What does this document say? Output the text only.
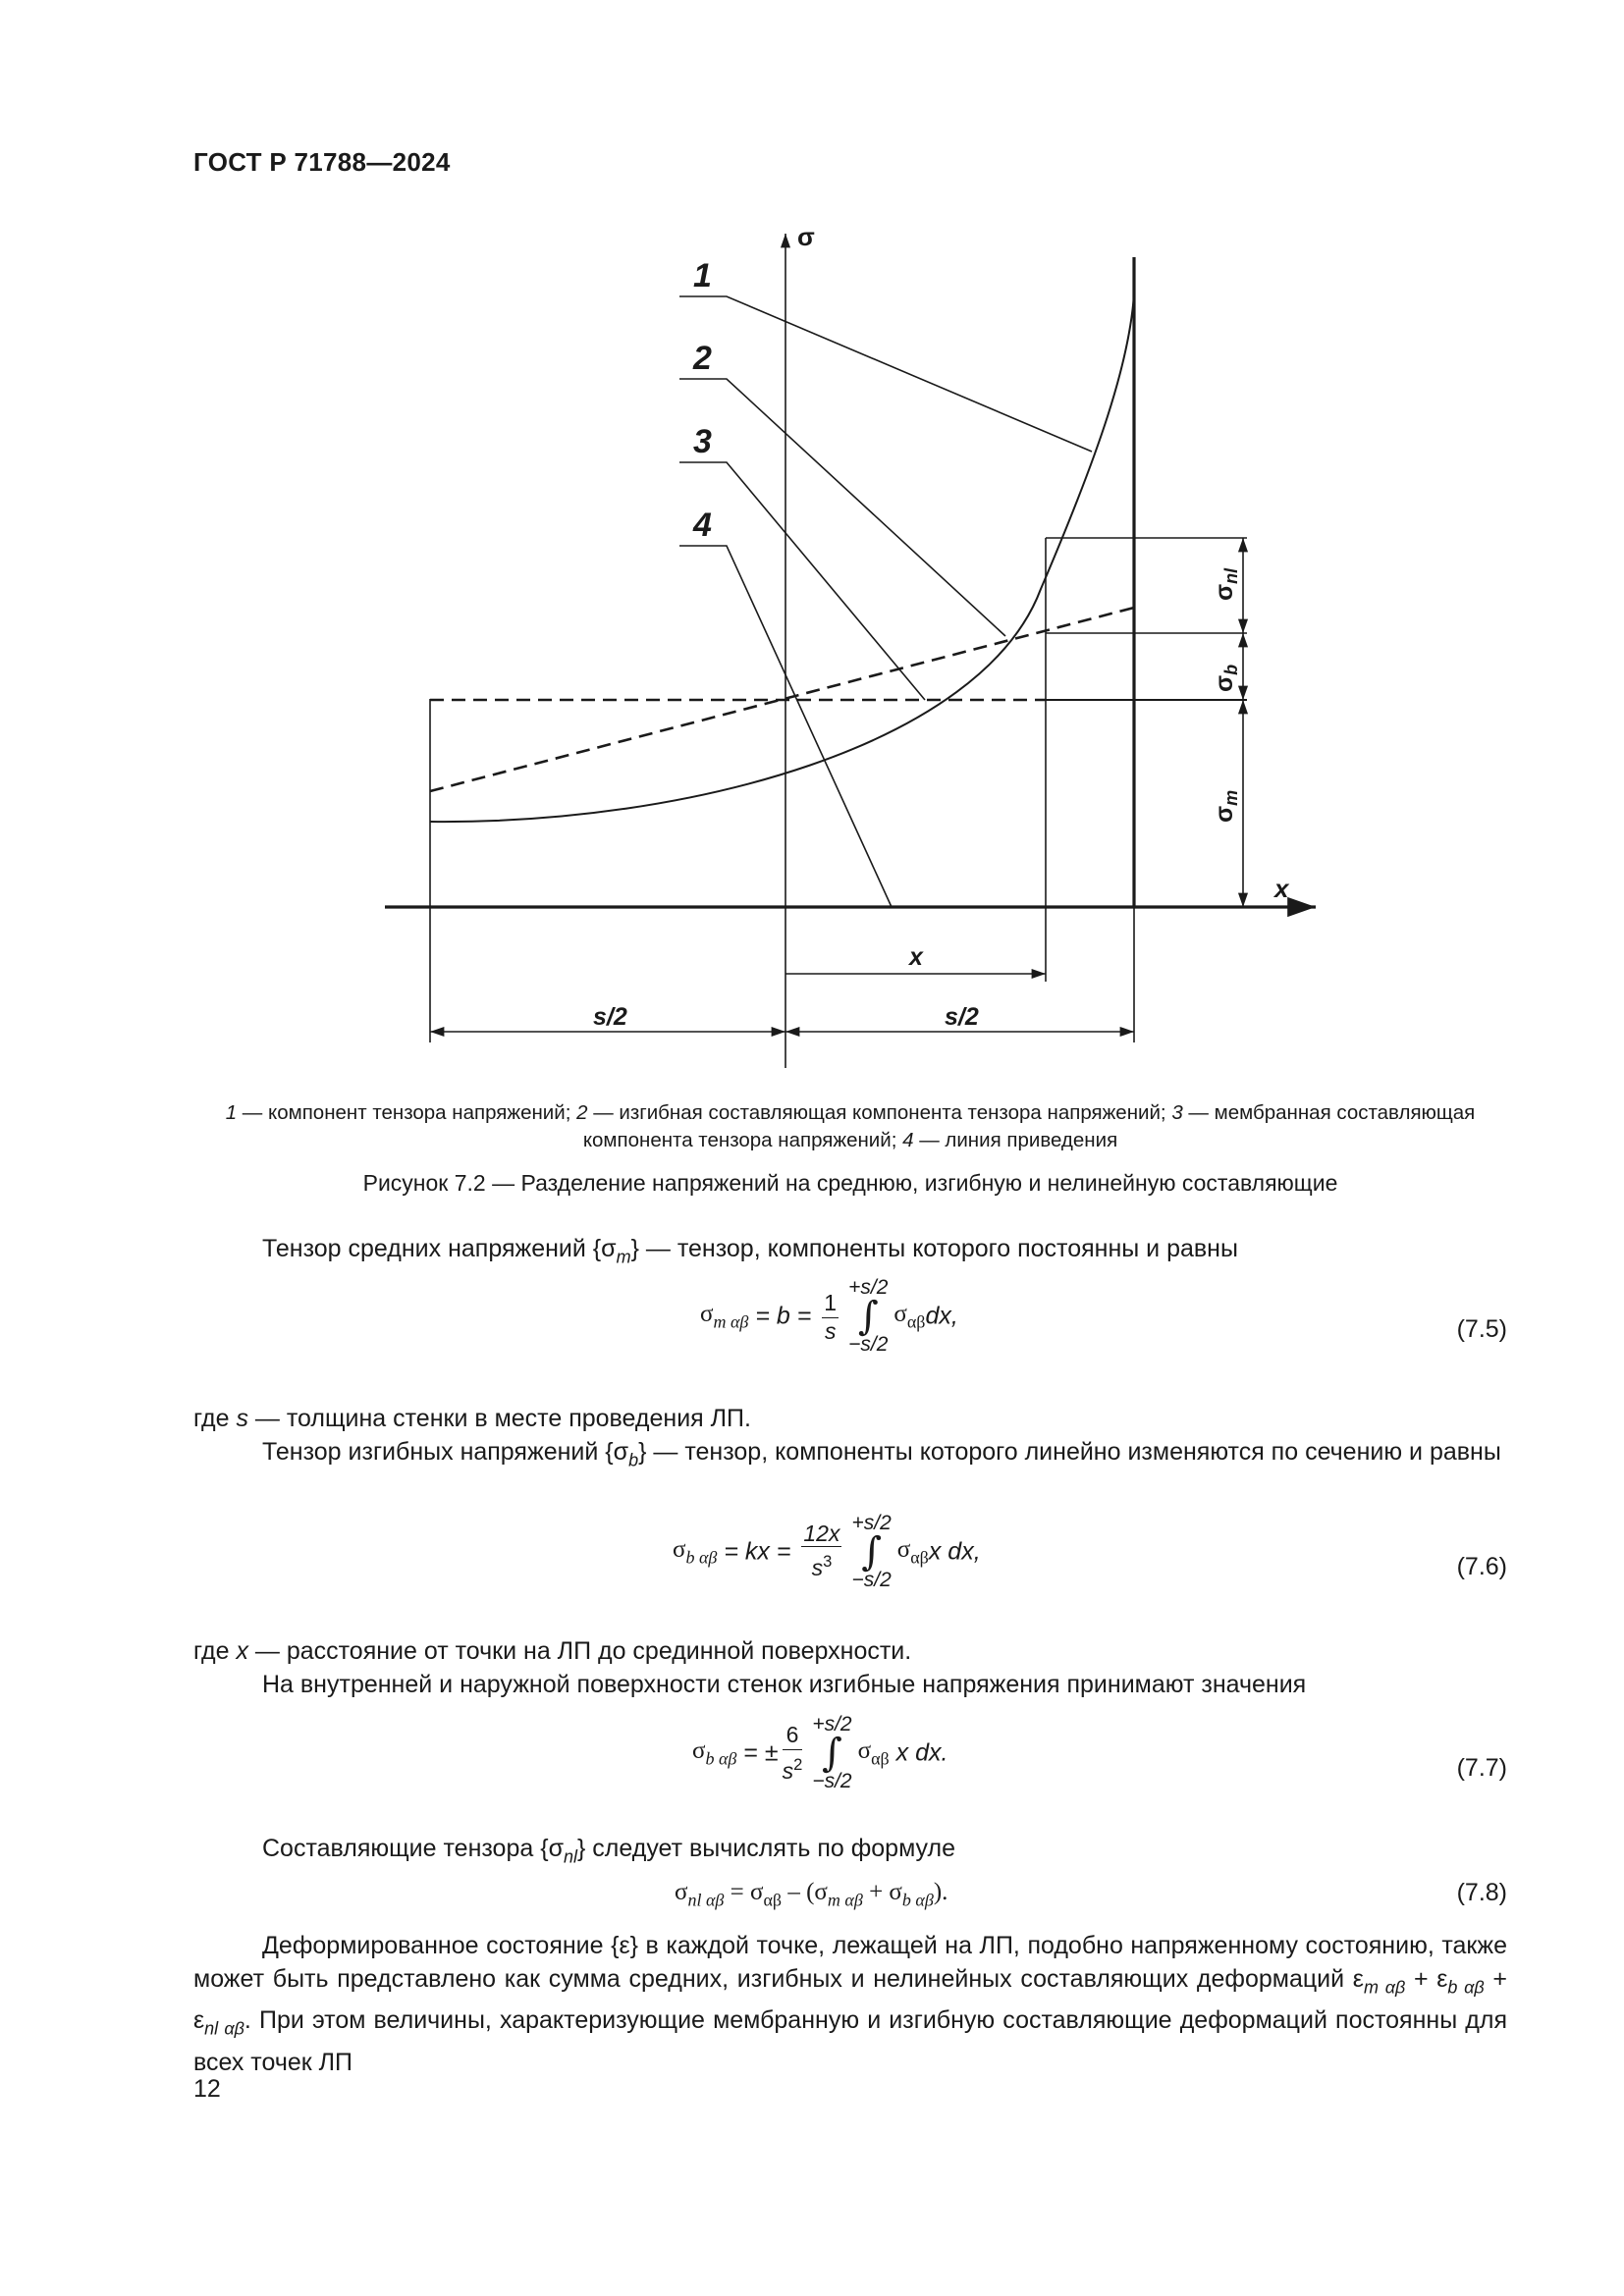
ГОСТ Р 71788—2024
σ
x
1
2
3
4
x
s/2	s/2
$\sigma_{nl}$
$\sigma_b$
$\sigma_m$
1 — компонент тензора напряжений; 2 — изгибная составляющая компонента тензора напряжений; 3 — мембранная составляющая компонента тензора напряжений; 4 — линия приведения
Рисунок 7.2 — Разделение напряжений на среднюю, изгибную и нелинейную составляющие
Тензор средних напряжений $\{\sigma_m\}$ — тензор, компоненты которого постоянны и равны
$\sigma_{m \alpha\beta} = b = \frac{1}{s}$
+s/2
∫
−s/2
$\sigma_{\alpha\beta}dx$,	(7.5)
где s — толщина стенки в месте проведения ЛП.
Тензор изгибных напряжений $\{\sigma_b\}$ — тензор, компоненты которого линейно изменяются по сечению и равны
$\sigma_{b \alpha\beta}$ = kx = $\frac{12x}{s^3} +s/2$
∫
−s/2
$\sigma_{\alpha\beta}x$ dx,
(7.6)
где x — расстояние от точки на ЛП до срединной поверхности.
На внутренней и наружной поверхности стенок изгибные напряжения принимают значения
$\sigma_{b \alpha\beta}$ = ± $\frac{6}{s^2} +s/2$
∫
−s/2
$\sigma_{\alpha\beta}$ x dx.
(7.7)
Составляющие тензора $\{\sigma_{nl}\}$ следует вычислять по формуле
$\sigma_{nl \alpha\beta} = \sigma_{\alpha\beta} - (\sigma_{m \alpha\beta} + \sigma_{b \alpha\beta})$.	(7.8)
Деформированное состояние {ε} в каждой точке, лежащей на ЛП, подобно напряженному состоянию, также может быть представлено как сумма средних, изгибных и нелинейных составляющих деформаций $\varepsilon_{m \alpha\beta} + \varepsilon_{b \alpha\beta} + \varepsilon_{nl \alpha\beta}$. При этом величины, характеризующие мембранную и изгибную составляющие деформаций постоянны для всех точек ЛП
12
